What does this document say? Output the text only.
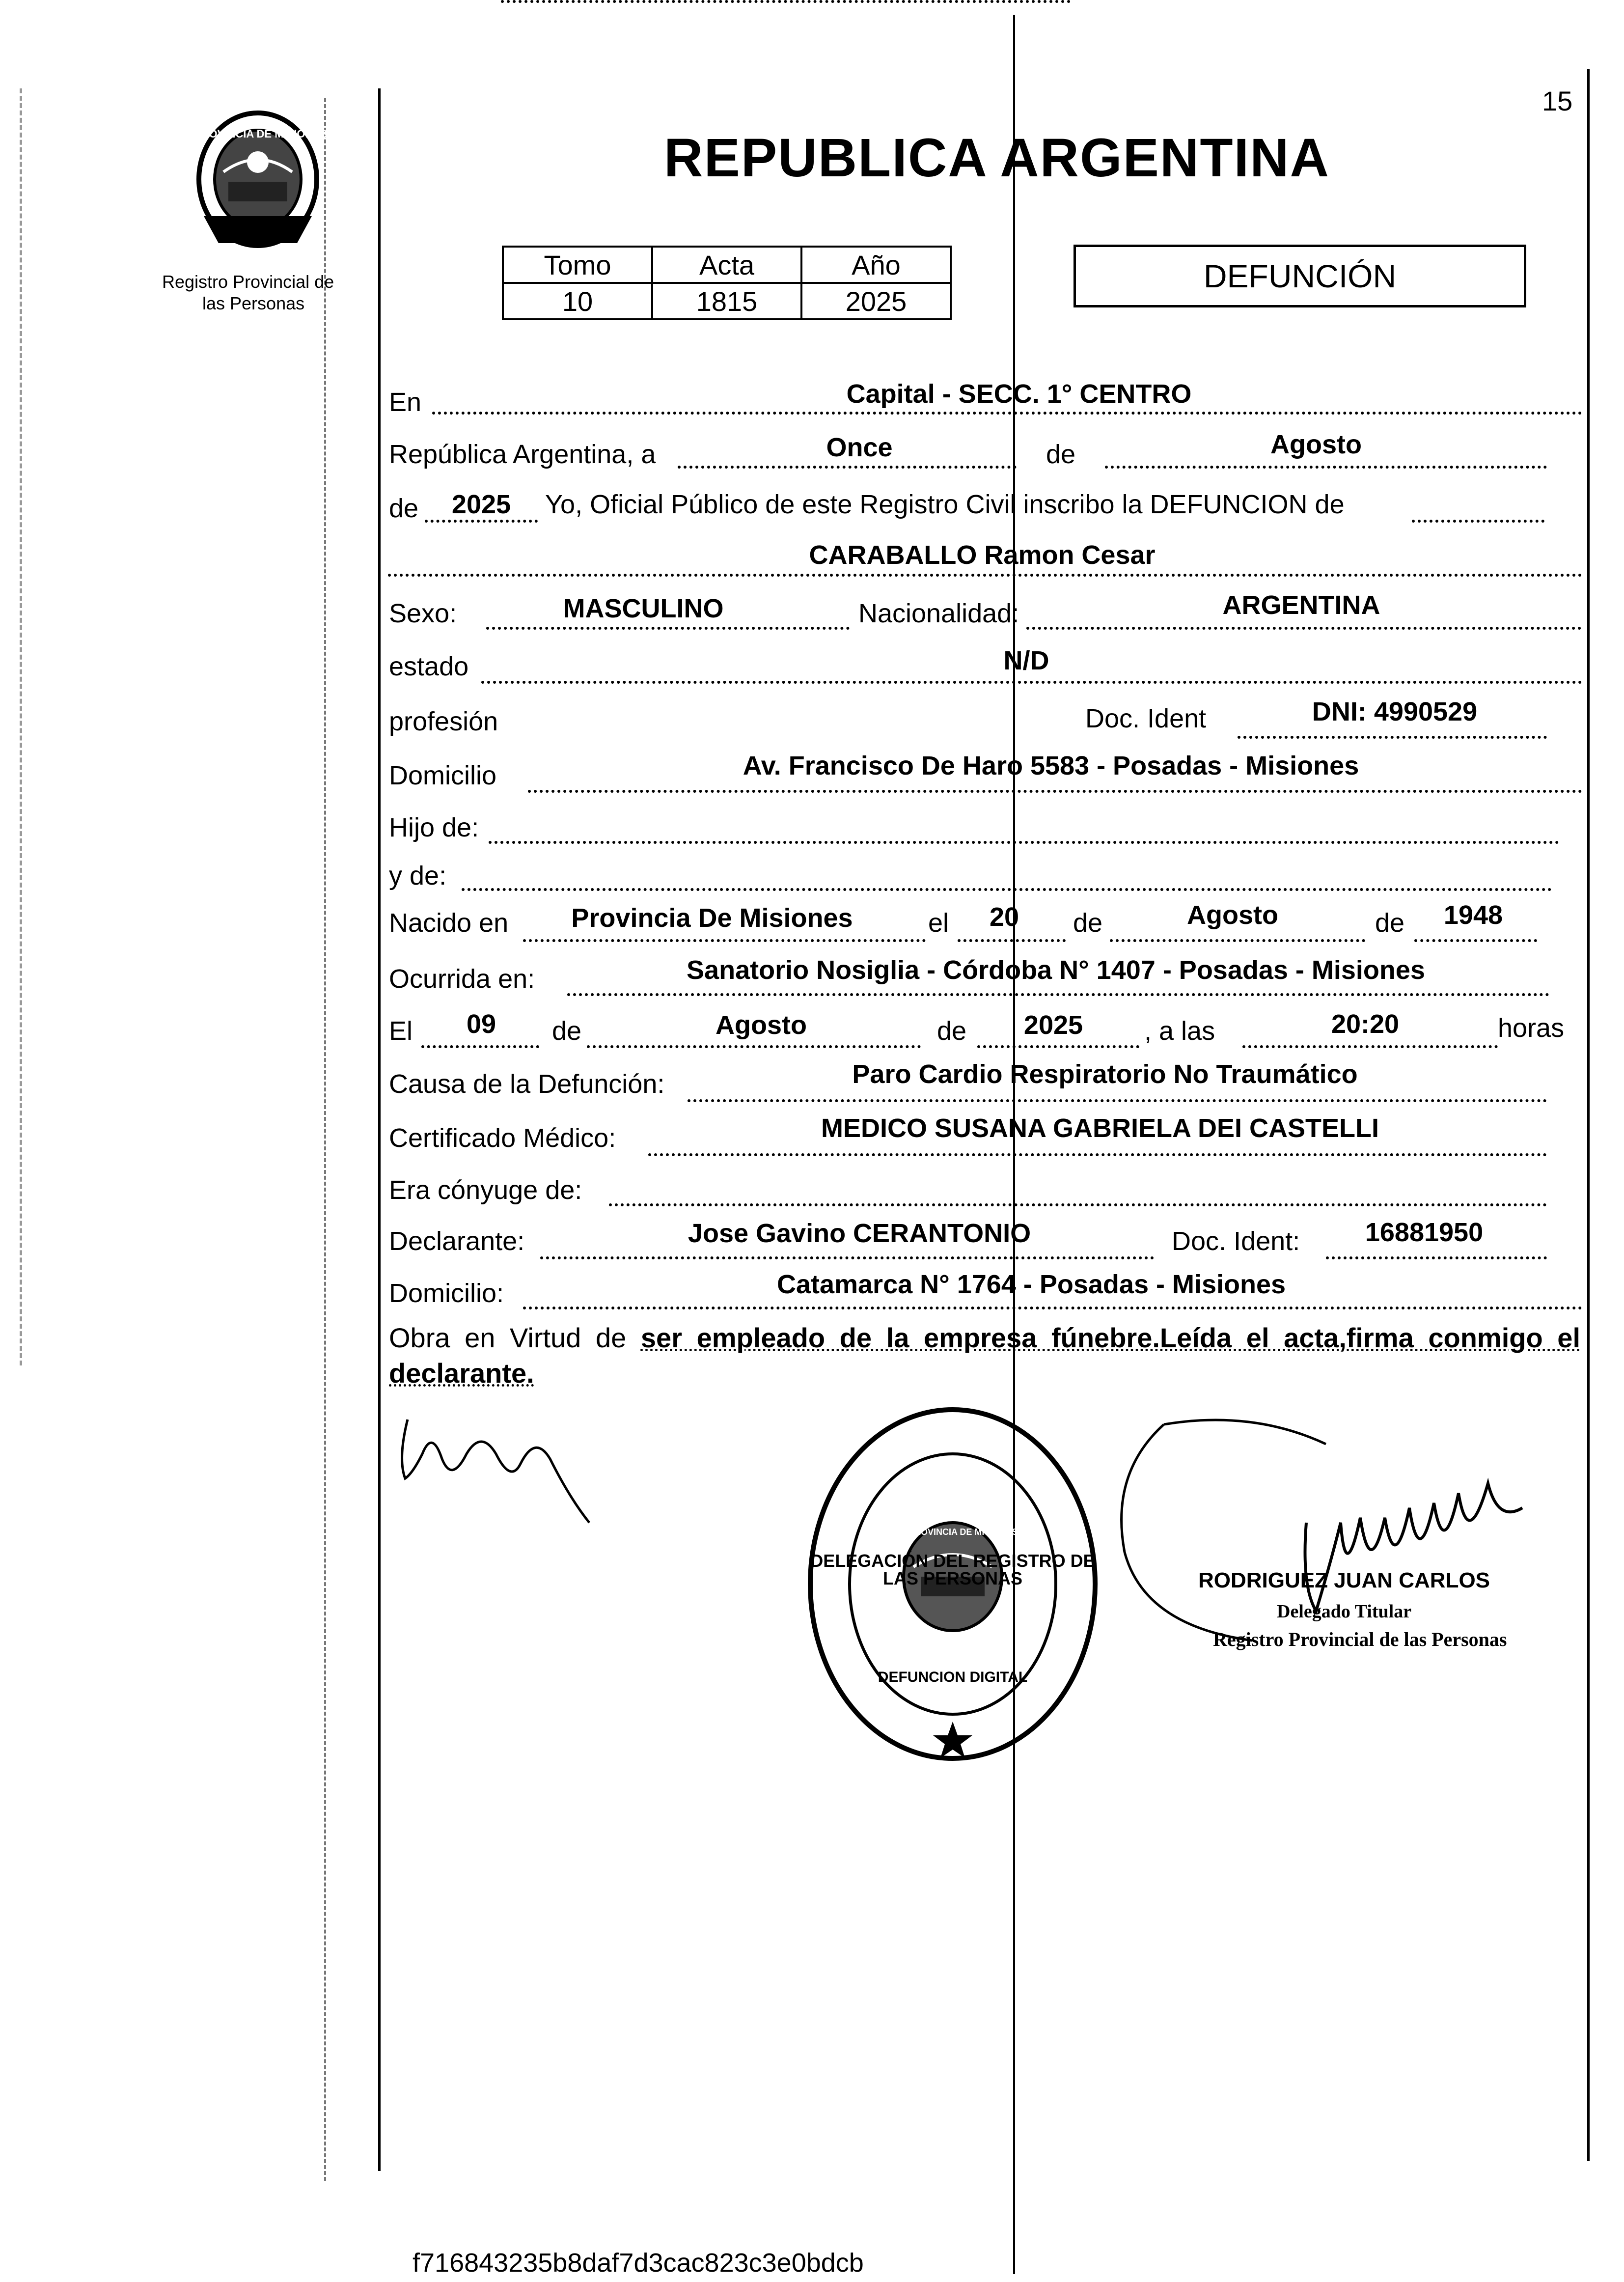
15
PROVINCIA DE MISIONES
Registro Provincial de
las Personas
REPUBLICA ARGENTINA
Tomo	Acta	Año
10	1815	2025
DEFUNCIÓN
En	Capital - SECC. 1° CENTRO
República Argentina, a	Once	de	Agosto
de	2025	Yo, Oficial Público de este Registro Civil inscribo la DEFUNCION de
CARABALLO Ramon Cesar
Sexo:	MASCULINO	Nacionalidad:	ARGENTINA
estado	N/D
profesión	Doc. Ident	DNI: 4990529
Domicilio	Av. Francisco De Haro 5583 - Posadas - Misiones
Hijo de:
y de:
Nacido en	Provincia De Misiones	el	20	de	Agosto	de	1948
Ocurrida en:	Sanatorio Nosiglia - Córdoba N° 1407 - Posadas - Misiones
El	09	de	Agosto	de	2025	, a las	20:20	horas
Causa de la Defunción:	Paro Cardio Respiratorio No Traumático
Certificado Médico:	MEDICO SUSANA GABRIELA DEI CASTELLI
Era cónyuge de:
Declarante:	Jose Gavino CERANTONIO	Doc. Ident:	16881950
Domicilio:	Catamarca N° 1764 - Posadas - Misiones
Obra en Virtud de ser empleado de la empresa fúnebre.Leída el acta,firma conmigo el declarante.
DELEGACIÓN DEL REGISTRO DE LAS PERSONAS
DEFUNCION DIGITAL
PROVINCIA DE MISIONES
RODRIGUEZ JUAN CARLOS
Delegado Titular
Registro Provincial de las Personas
f716843235b8daf7d3cac823c3e0bdcb
